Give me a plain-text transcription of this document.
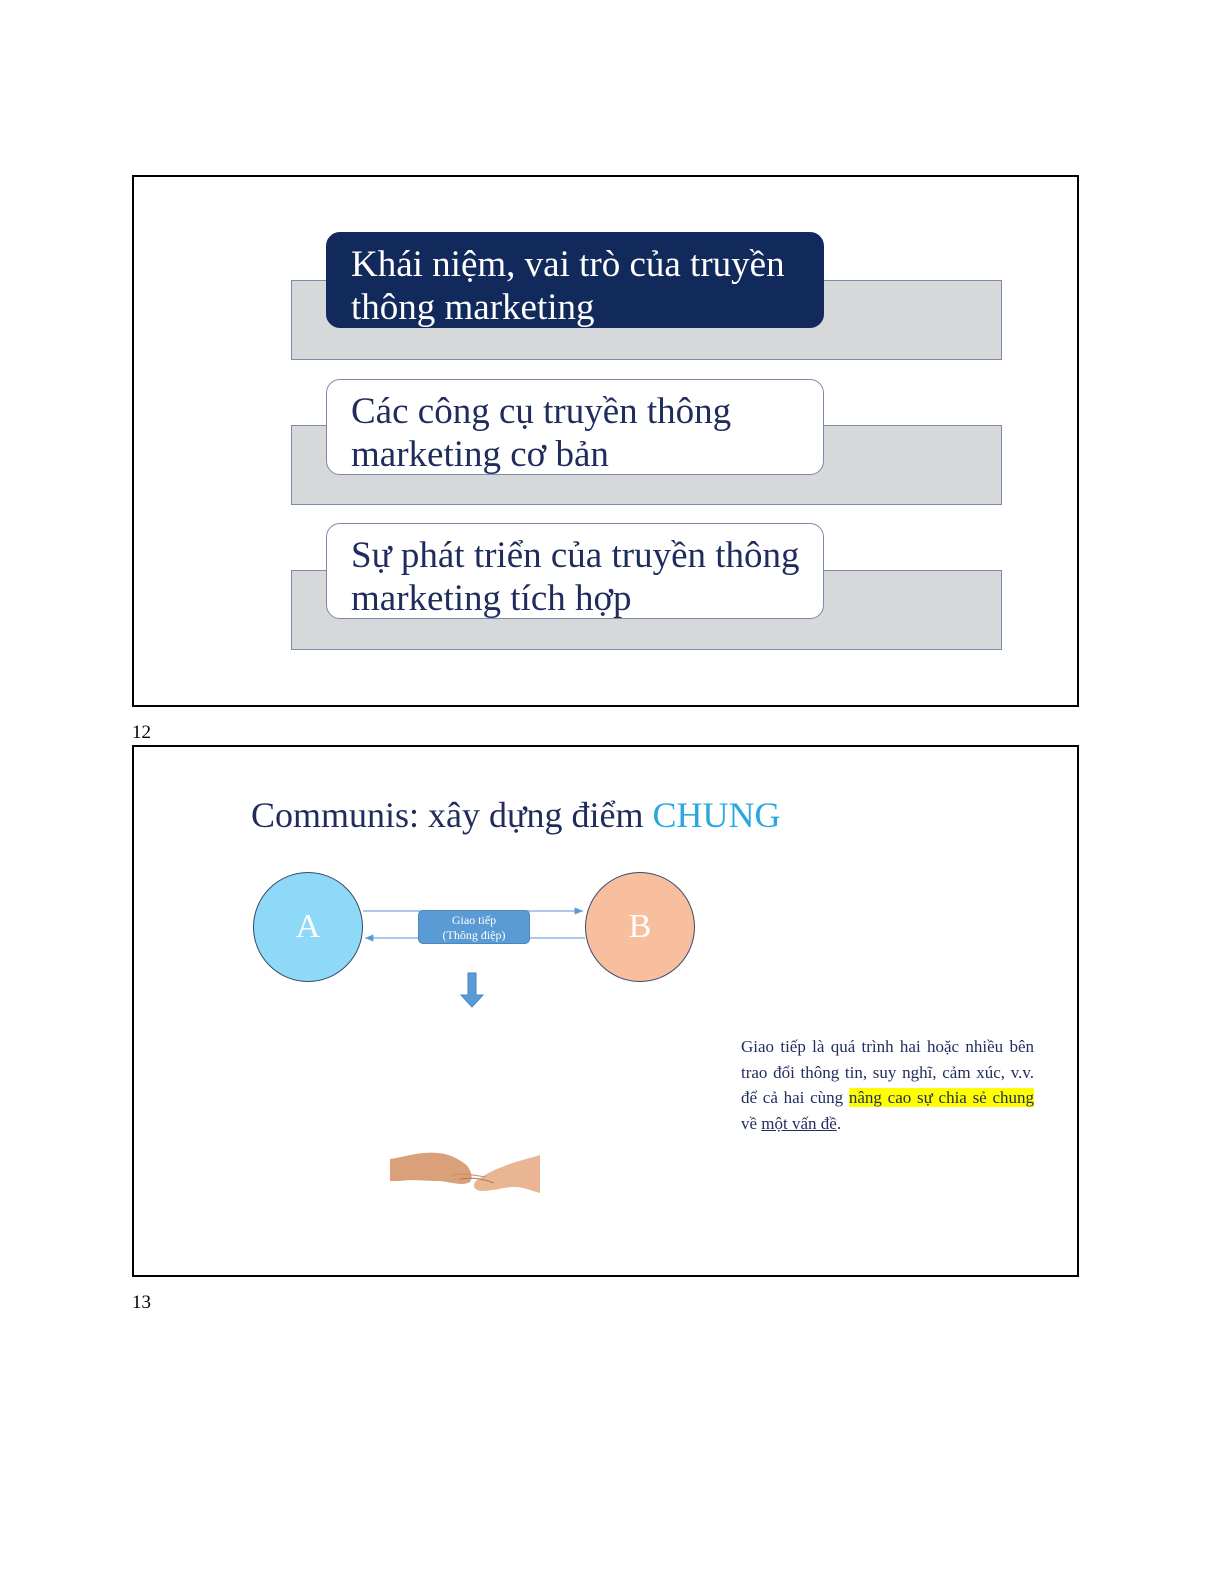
Khái niệm, vai trò của truyền thông marketing
Các công cụ truyền thông marketing cơ bản
Sự phát triển của truyền thông marketing tích hợp
12
Communis: xây dựng điểm CHUNG
A	B
Giao tiếp
(Thông điệp)
Giao tiếp là quá trình hai hoặc nhiều bên trao đổi thông tin, suy nghĩ, cảm xúc, v.v. để cả hai cùng nâng cao sự chia sẻ chung về một vấn đề.
13
